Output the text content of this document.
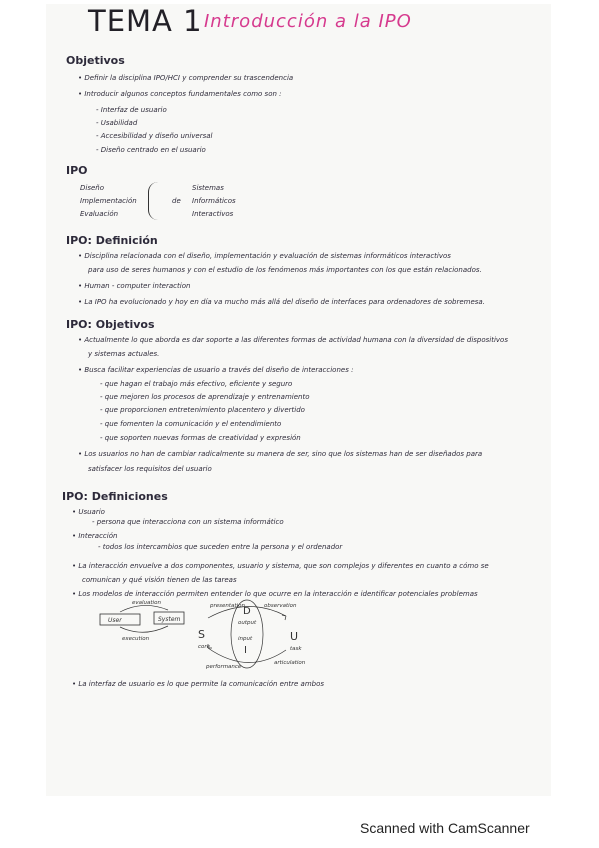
TEMA 1 Introducción a la IPO
Objetivos
• Definir la disciplina IPO/HCI y comprender su trascendencia
• Introducir algunos conceptos fundamentales como son :
- Interfaz de usuario
- Usabilidad
- Accesibilidad y diseño universal
- Diseño centrado en el usuario
IPO
Diseño
Implementación
Evaluación
de
Sistemas
Informáticos
Interactivos
IPO: Definición
• Disciplina relacionada con el diseño, implementación y evaluación de sistemas informáticos interactivos
para uso de seres humanos y con el estudio de los fenómenos más importantes con los que están relacionados.
• Human - computer interaction
• La IPO ha evolucionado y hoy en día va mucho más allá del diseño de interfaces para ordenadores de sobremesa.
IPO: Objetivos
• Actualmente lo que aborda es dar soporte a las diferentes formas de actividad humana con la diversidad de dispositivos
y sistemas actuales.
• Busca facilitar experiencias de usuario a través del diseño de interacciones :
- que hagan el trabajo más efectivo, eficiente y seguro
- que mejoren los procesos de aprendizaje y entrenamiento
- que proporcionen entretenimiento placentero y divertido
- que fomenten la comunicación y el entendimiento
- que soporten nuevas formas de creatividad y expresión
• Los usuarios no han de cambiar radicalmente su manera de ser, sino que los sistemas han de ser diseñados para
satisfacer los requisitos del usuario
IPO: Definiciones
• Usuario
- persona que interacciona con un sistema informático
• Interacción
- todos los intercambios que suceden entre la persona y el ordenador
• La interacción envuelve a dos componentes, usuario y sistema, que son complejos y diferentes en cuanto a cómo se
comunican y qué visión tienen de las tareas
• Los modelos de interacción permiten entender lo que ocurre en la interacción e identificar potenciales problemas
User	System
evaluation
execution
presentation	observation
D
output
input
I
S
core
U
task
performance
articulation
• La interfaz de usuario es lo que permite la comunicación entre ambos
Scanned with CamScanner
